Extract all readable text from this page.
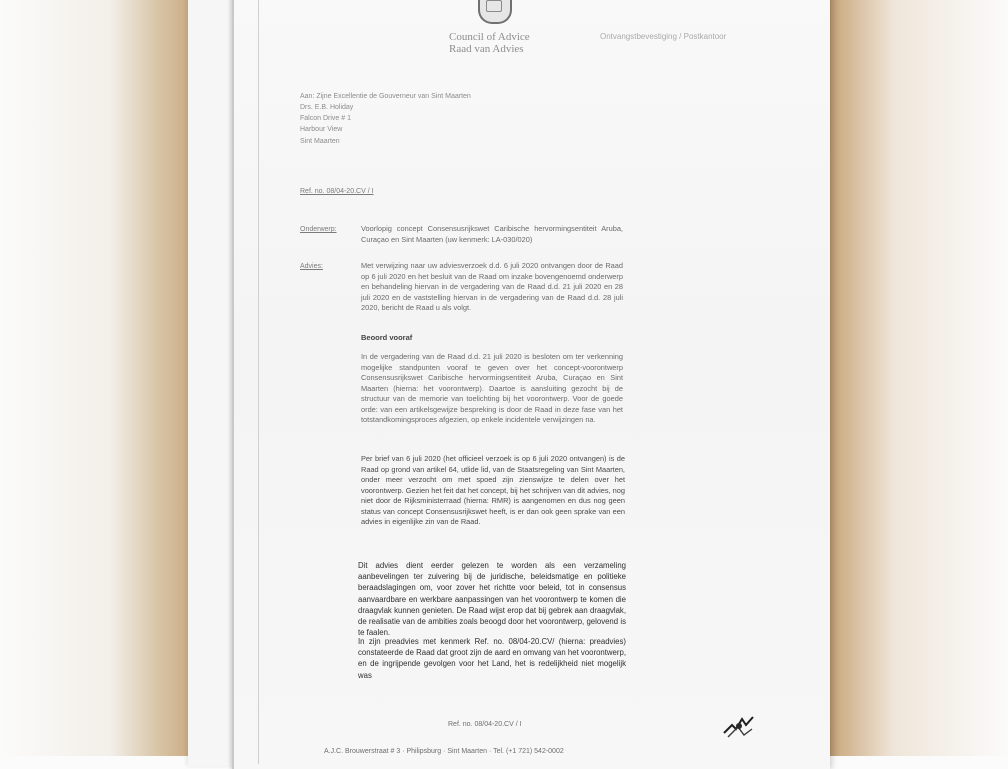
Council of Advice
Raad van Advies
Ontvangstbevestiging / Postkantoor
Aan: Zijne Excellentie de Gouverneur van Sint Maarten
Drs. E.B. Holiday
Falcon Drive # 1
Harbour View
Sint Maarten
Ref. no. 08/04-20.CV / I
Onderwerp:	Voorlopig concept Consensusrijkswet Caribische hervormingsentiteit Aruba, Curaçao en Sint Maarten (uw kenmerk: LA-030/020)
Advies:	Met verwijzing naar uw adviesverzoek d.d. 6 juli 2020 ontvangen door de Raad op 6 juli 2020 en het besluit van de Raad om inzake bovengenoemd onderwerp en behandeling hiervan in de vergadering van de Raad d.d. 21 juli 2020 en 28 juli 2020 en de vaststelling hiervan in de vergadering van de Raad d.d. 28 juli 2020, bericht de Raad u als volgt.
Beoord vooraf
In de vergadering van de Raad d.d. 21 juli 2020 is besloten om ter verkenning mogelijke standpunten vooraf te geven over het concept-voorontwerp Consensusrijkswet Caribische hervormingsentiteit Aruba, Curaçao en Sint Maarten (hierna: het voorontwerp). Daartoe is aansluiting gezocht bij de structuur van de memorie van toelichting bij het voorontwerp. Voor de goede orde: van een artikelsgewijze bespreking is door de Raad in deze fase van het totstandkomingsproces afgezien, op enkele incidentele verwijzingen na.
Per brief van 6 juli 2020 (het officieel verzoek is op 6 juli 2020 ontvangen) is de Raad op grond van artikel 64, utlide lid, van de Staatsregeling van Sint Maarten, onder meer verzocht om met spoed zijn zienswijze te delen over het voorontwerp. Gezien het feit dat het concept, bij het schrijven van dit advies, nog niet door de Rijksministerraad (hierna: RMR) is aangenomen en dus nog geen status van concept Consensusrijkswet heeft, is er dan ook geen sprake van een advies in eigenlijke zin van de Raad.
Dit advies dient eerder gelezen te worden als een verzameling aanbevelingen ter zuivering bij de juridische, beleidsmatige en politieke beraadslagingen om, voor zover het richtte voor beleid, tot in consensus aanvaardbare en werkbare aanpassingen van het voorontwerp te komen die draagvlak kunnen genieten. De Raad wijst erop dat bij gebrek aan draagvlak, de realisatie van de ambities zoals beoogd door het voorontwerp, gelovend is te faalen.
In zijn preadvies met kenmerk Ref. no. 08/04-20.CV/ (hierna: preadvies) constateerde de Raad dat groot zijn de aard en omvang van het voorontwerp, en de ingrijpende gevolgen voor het Land, het is redelijkheid niet mogelijk was
Ref. no. 08/04-20.CV / I
A.J.C. Brouwerstraat # 3 · Philipsburg · Sint Maarten · Tel. (+1 721) 542-0002
